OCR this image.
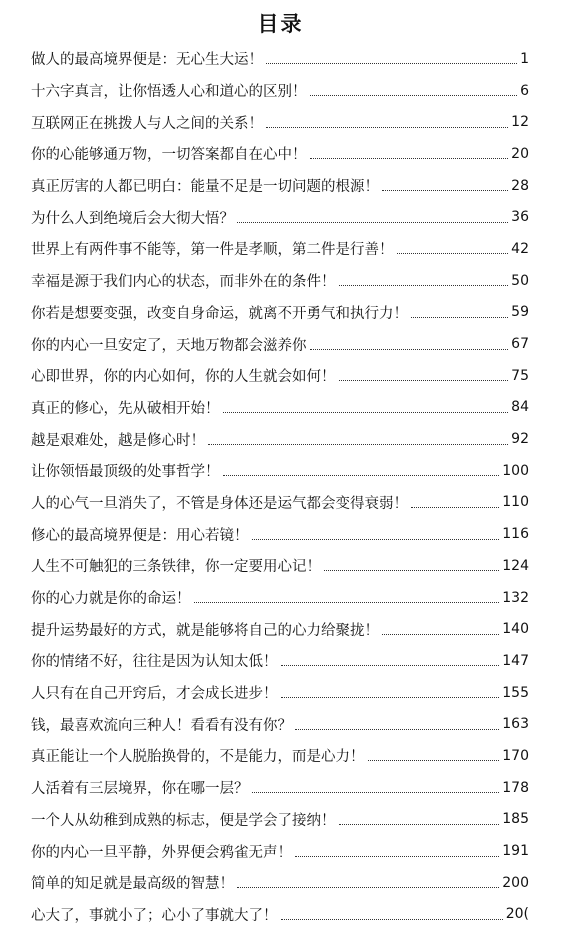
目录
做人的最高境界便是：无心生大运！	1
十六字真言，让你悟透人心和道心的区别！	6
互联网正在挑拨人与人之间的关系！	12
你的心能够通万物，一切答案都自在心中！	20
真正厉害的人都已明白：能量不足是一切问题的根源！	28
为什么人到绝境后会大彻大悟？	36
世界上有两件事不能等，第一件是孝顺，第二件是行善！	42
幸福是源于我们内心的状态，而非外在的条件！	50
你若是想要变强，改变自身命运，就离不开勇气和执行力！	59
你的内心一旦安定了，天地万物都会滋养你	67
心即世界，你的内心如何，你的人生就会如何！	75
真正的修心，先从破相开始！	84
越是艰难处，越是修心时！	92
让你领悟最顶级的处事哲学！	100
人的心气一旦消失了，不管是身体还是运气都会变得衰弱！	110
修心的最高境界便是：用心若镜！	116
人生不可触犯的三条铁律，你一定要用心记！	124
你的心力就是你的命运！	132
提升运势最好的方式，就是能够将自己的心力给聚拢！	140
你的情绪不好，往往是因为认知太低！	147
人只有在自己开窍后，才会成长进步！	155
钱，最喜欢流向三种人！看看有没有你？	163
真正能让一个人脱胎换骨的，不是能力，而是心力！	170
人活着有三层境界，你在哪一层？	178
一个人从幼稚到成熟的标志，便是学会了接纳！	185
你的内心一旦平静，外界便会鸦雀无声！	191
简单的知足就是最高级的智慧！	200
心大了，事就小了；心小了事就大了！	20(
